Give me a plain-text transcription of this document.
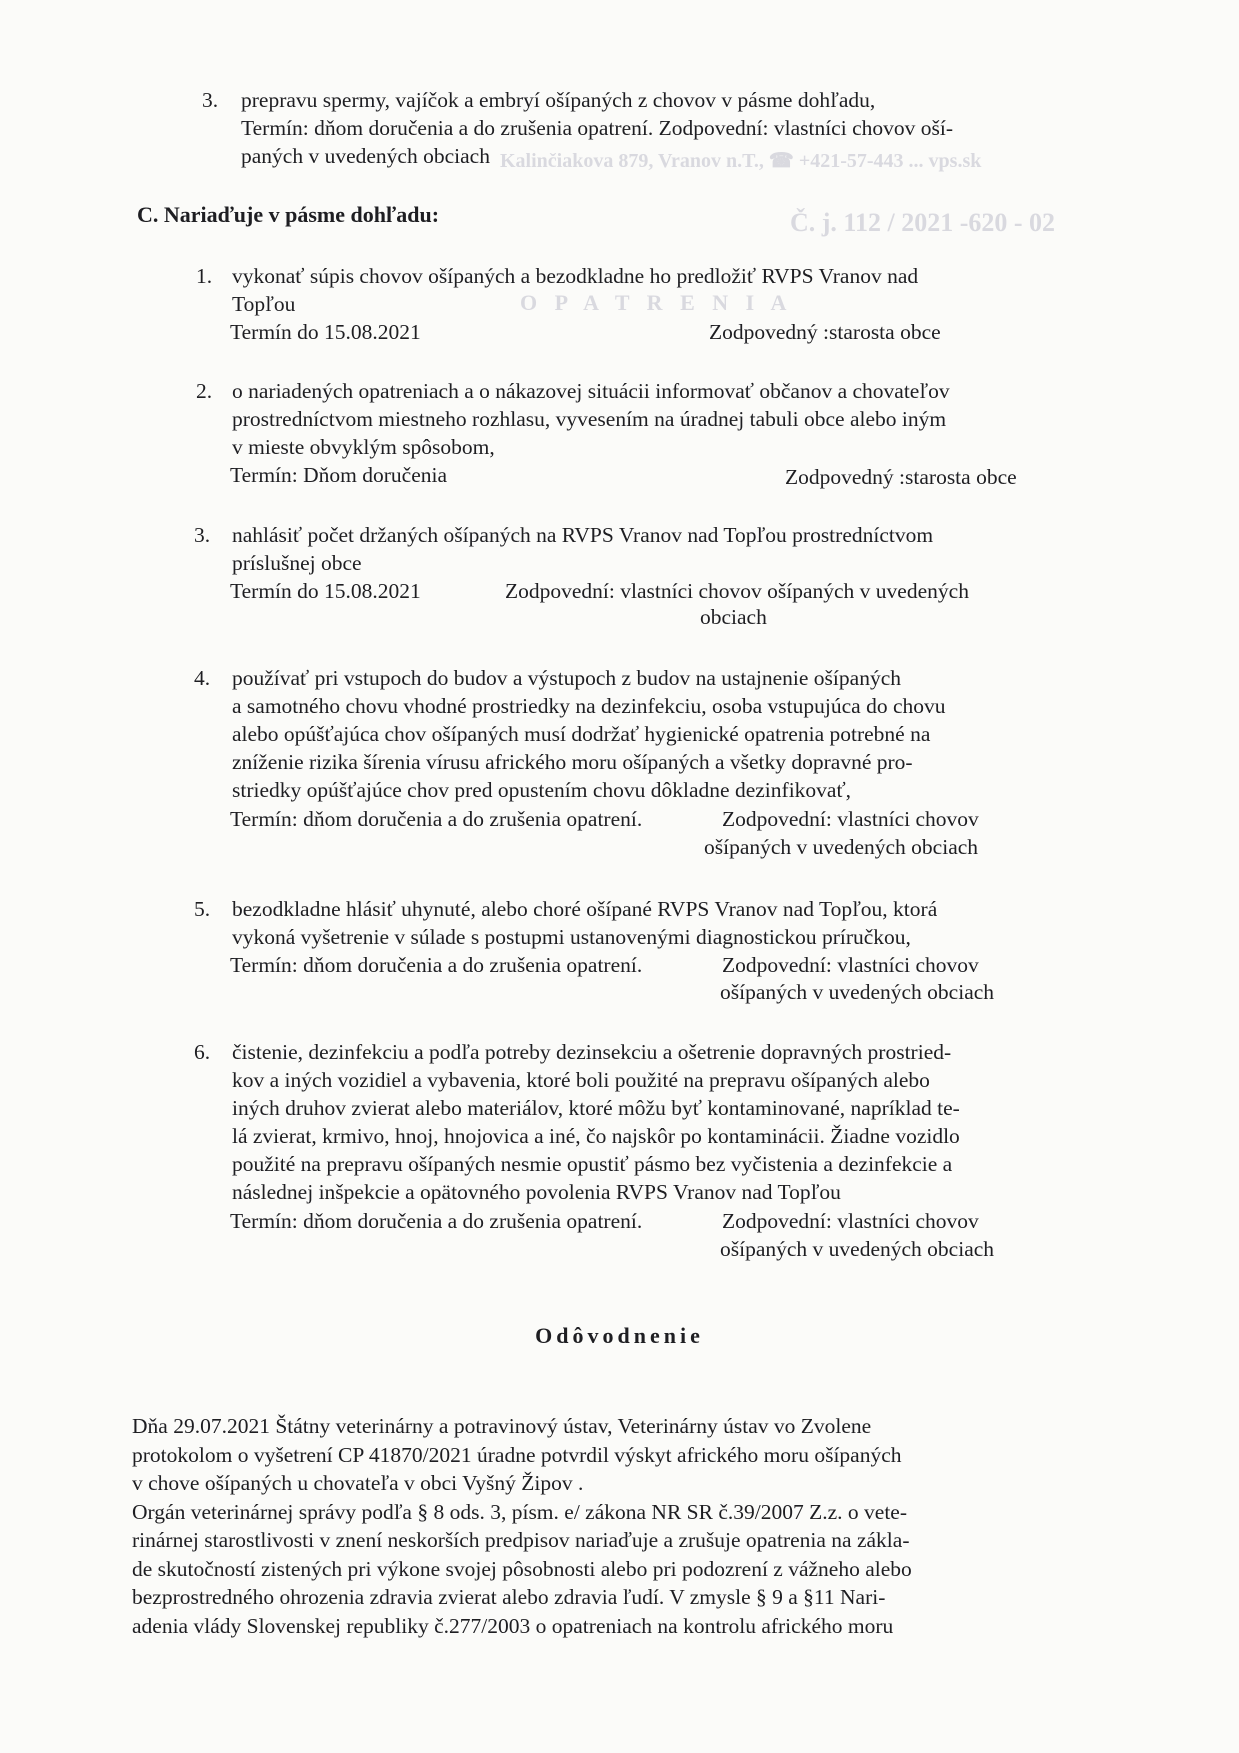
Kalinčiakova 879, Vranov n.T., ☎ +421-57-443 ... vps.sk
Č. j. 112 / 2021 -620 - 02
O P A T R E N I A
3. prepravu spermy, vajíčok a embryí ošípaných z chovov v pásme dohľadu,
Termín: dňom doručenia a do zrušenia opatrení. Zodpovední: vlastníci chovov oší-
paných v uvedených obciach
C. Nariaďuje v pásme dohľadu:
1. vykonať súpis chovov ošípaných a bezodkladne ho predložiť RVPS Vranov nad
Topľou
Termín do 15.08.2021	Zodpovedný :starosta obce
2. o nariadených opatreniach a o nákazovej situácii informovať občanov a chovateľov
prostredníctvom miestneho rozhlasu, vyvesením na úradnej tabuli obce alebo iným
v mieste obvyklým spôsobom,
Termín: Dňom doručenia	Zodpovedný :starosta obce
3. nahlásiť počet držaných ošípaných na RVPS Vranov nad Topľou prostredníctvom
príslušnej obce
Termín do 15.08.2021	Zodpovední: vlastníci chovov ošípaných v uvedených
obciach
4. používať pri vstupoch do budov a výstupoch z budov na ustajnenie ošípaných
a samotného chovu vhodné prostriedky na dezinfekciu, osoba vstupujúca do chovu
alebo opúšťajúca chov ošípaných musí dodržať hygienické opatrenia potrebné na
zníženie rizika šírenia vírusu afrického moru ošípaných a všetky dopravné pro-
striedky opúšťajúce chov pred opustením chovu dôkladne dezinfikovať,
Termín: dňom doručenia a do zrušenia opatrení.	Zodpovední: vlastníci chovov
ošípaných v uvedených obciach
5. bezodkladne hlásiť uhynuté, alebo choré ošípané RVPS Vranov nad Topľou, ktorá
vykoná vyšetrenie v súlade s postupmi ustanovenými diagnostickou príručkou,
Termín: dňom doručenia a do zrušenia opatrení.	Zodpovední: vlastníci chovov
ošípaných v uvedených obciach
6. čistenie, dezinfekciu a podľa potreby dezinsekciu a ošetrenie dopravných prostried-
kov a iných vozidiel a vybavenia, ktoré boli použité na prepravu ošípaných alebo
iných druhov zvierat alebo materiálov, ktoré môžu byť kontaminované, napríklad te-
lá zvierat, krmivo, hnoj, hnojovica a iné, čo najskôr po kontaminácii. Žiadne vozidlo
použité na prepravu ošípaných nesmie opustiť pásmo bez vyčistenia a dezinfekcie a
následnej inšpekcie a opätovného povolenia RVPS Vranov nad Topľou
Termín: dňom doručenia a do zrušenia opatrení.	Zodpovední: vlastníci chovov
ošípaných v uvedených obciach
Odôvodnenie
Dňa 29.07.2021 Štátny veterinárny a potravinový ústav, Veterinárny ústav vo Zvolene
protokolom o vyšetrení CP 41870/2021 úradne potvrdil výskyt afrického moru ošípaných
v chove ošípaných u chovateľa v obci Vyšný Žipov .
Orgán veterinárnej správy podľa § 8 ods. 3, písm. e/ zákona NR SR č.39/2007 Z.z. o vete-
rinárnej starostlivosti v znení neskorších predpisov nariaďuje a zrušuje opatrenia na zákla-
de skutočností zistených pri výkone svojej pôsobnosti alebo pri podozrení z vážneho alebo
bezprostredného ohrozenia zdravia zvierat alebo zdravia ľudí. V zmysle § 9 a §11 Nari-
adenia vlády Slovenskej republiky č.277/2003 o opatreniach na kontrolu afrického moru
